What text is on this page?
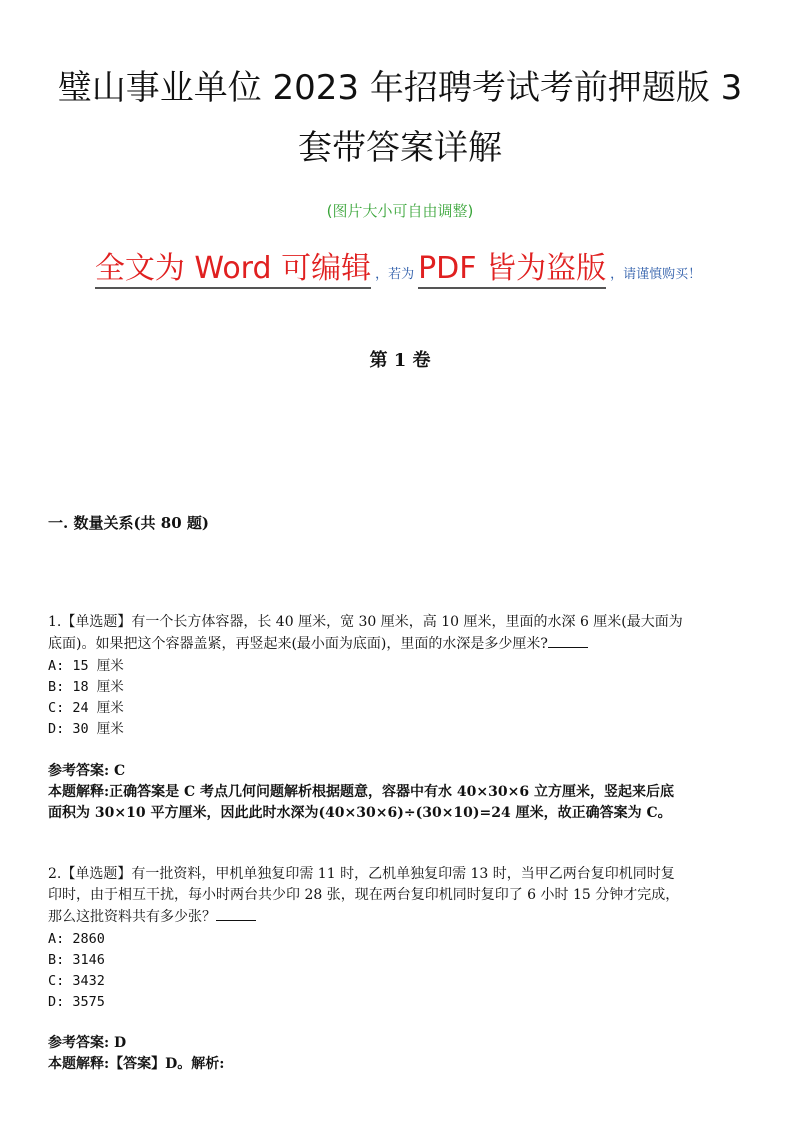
璧山事业单位 2023 年招聘考试考前押题版 3
套带答案详解
(图片大小可自由调整)
全文为 Word 可编辑 ，若为 PDF 皆为盗版 ，请谨慎购买！
第 1 卷
一. 数量关系(共 80 题)
1.【单选题】有一个长方体容器，长 40 厘米，宽 30 厘米，高 10 厘米，里面的水深 6 厘米(最大面为
底面)。如果把这个容器盖紧，再竖起来(最小面为底面)，里面的水深是多少厘米?
A: 15 厘米
B: 18 厘米
C: 24 厘米
D: 30 厘米
参考答案: C
本题解释:正确答案是 C 考点几何问题解析根据题意，容器中有水 40×30×6 立方厘米，竖起来后底
面积为 30×10 平方厘米，因此此时水深为(40×30×6)÷(30×10)=24 厘米，故正确答案为 C。
2.【单选题】有一批资料，甲机单独复印需 11 时，乙机单独复印需 13 时，当甲乙两台复印机同时复
印时，由于相互干扰，每小时两台共少印 28 张，现在两台复印机同时复印了 6 小时 15 分钟才完成，
那么这批资料共有多少张？
A: 2860
B: 3146
C: 3432
D: 3575
参考答案: D
本题解释:【答案】D。解析:
